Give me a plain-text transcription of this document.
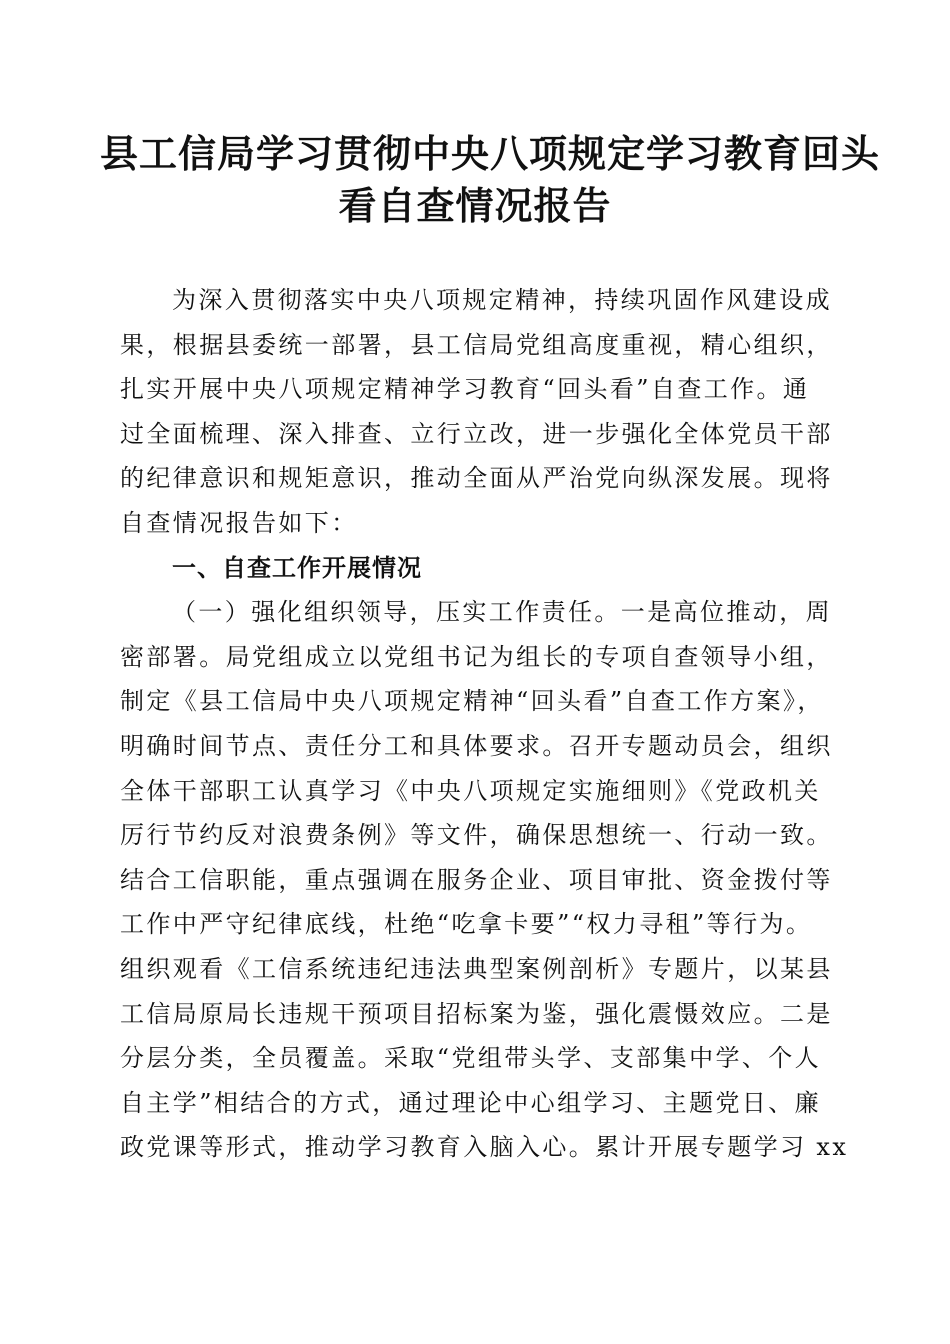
县工信局学习贯彻中央八项规定学习教育回头
看自查情况报告
为深入贯彻落实中央八项规定精神，持续巩固作风建设成
果，根据县委统一部署，县工信局党组高度重视，精心组织，
扎实开展中央八项规定精神学习教育“回头看”自查工作。通
过全面梳理、深入排查、立行立改，进一步强化全体党员干部
的纪律意识和规矩意识，推动全面从严治党向纵深发展。现将
自查情况报告如下：
一、自查工作开展情况
（一）强化组织领导，压实工作责任。一是高位推动，周
密部署。局党组成立以党组书记为组长的专项自查领导小组，
制定《县工信局中央八项规定精神“回头看”自查工作方案》，
明确时间节点、责任分工和具体要求。召开专题动员会，组织
全体干部职工认真学习《中央八项规定实施细则》《党政机关
厉行节约反对浪费条例》等文件，确保思想统一、行动一致。
结合工信职能，重点强调在服务企业、项目审批、资金拨付等
工作中严守纪律底线，杜绝“吃拿卡要”“权力寻租”等行为。
组织观看《工信系统违纪违法典型案例剖析》专题片，以某县
工信局原局长违规干预项目招标案为鉴，强化震慑效应。二是
分层分类，全员覆盖。采取“党组带头学、支部集中学、个人
自主学”相结合的方式，通过理论中心组学习、主题党日、廉
政党课等形式，推动学习教育入脑入心。累计开展专题学习 xx
